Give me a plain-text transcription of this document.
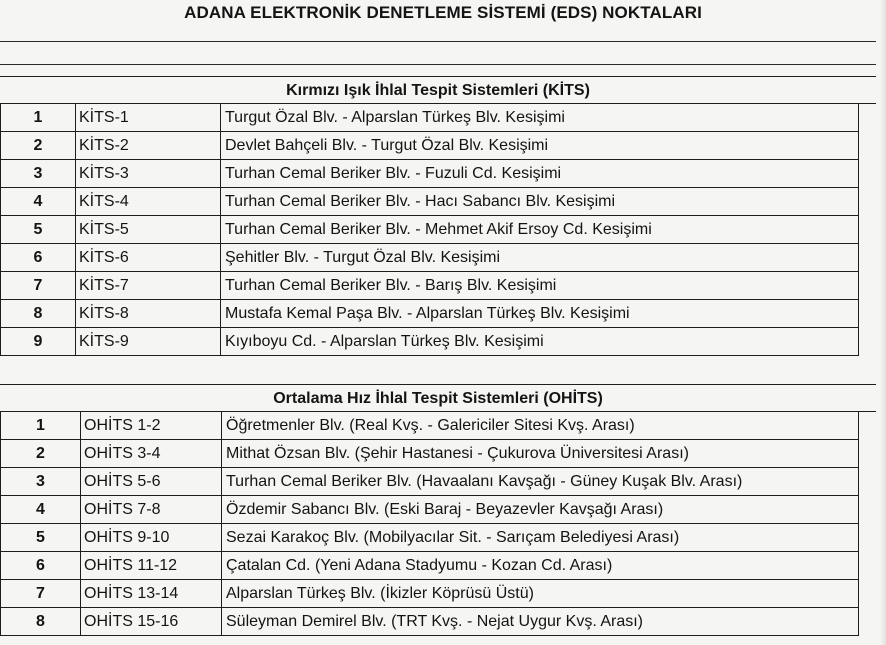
ADANA ELEKTRONİK DENETLEME SİSTEMİ (EDS) NOKTALARI
Kırmızı Işık İhlal Tespit Sistemleri (KİTS)
1	KİTS-1	Turgut Özal Blv. - Alparslan Türkeş Blv. Kesişimi
2	KİTS-2	Devlet Bahçeli Blv. - Turgut Özal Blv. Kesişimi
3	KİTS-3	Turhan Cemal Beriker Blv. - Fuzuli Cd. Kesişimi
4	KİTS-4	Turhan Cemal Beriker Blv. - Hacı Sabancı Blv. Kesişimi
5	KİTS-5	Turhan Cemal Beriker Blv. - Mehmet Akif Ersoy Cd. Kesişimi
6	KİTS-6	Şehitler Blv. - Turgut Özal Blv. Kesişimi
7	KİTS-7	Turhan Cemal Beriker Blv. - Barış Blv. Kesişimi
8	KİTS-8	Mustafa Kemal Paşa Blv. - Alparslan Türkeş Blv. Kesişimi
9	KİTS-9	Kıyıboyu Cd. - Alparslan Türkeş Blv. Kesişimi
Ortalama Hız İhlal Tespit Sistemleri (OHİTS)
1	OHİTS 1-2	Öğretmenler Blv. (Real Kvş. - Galericiler Sitesi Kvş. Arası)
2	OHİTS 3-4	Mithat Özsan Blv. (Şehir Hastanesi - Çukurova Üniversitesi Arası)
3	OHİTS 5-6	Turhan Cemal Beriker Blv. (Havaalanı Kavşağı - Güney Kuşak Blv. Arası)
4	OHİTS 7-8	Özdemir Sabancı Blv. (Eski Baraj - Beyazevler Kavşağı Arası)
5	OHİTS 9-10	Sezai Karakoç Blv. (Mobilyacılar Sit. - Sarıçam Belediyesi Arası)
6	OHİTS 11-12	Çatalan Cd. (Yeni Adana Stadyumu - Kozan Cd. Arası)
7	OHİTS 13-14	Alparslan Türkeş Blv. (İkizler Köprüsü Üstü)
8	OHİTS 15-16	Süleyman Demirel Blv. (TRT Kvş. - Nejat Uygur Kvş. Arası)
